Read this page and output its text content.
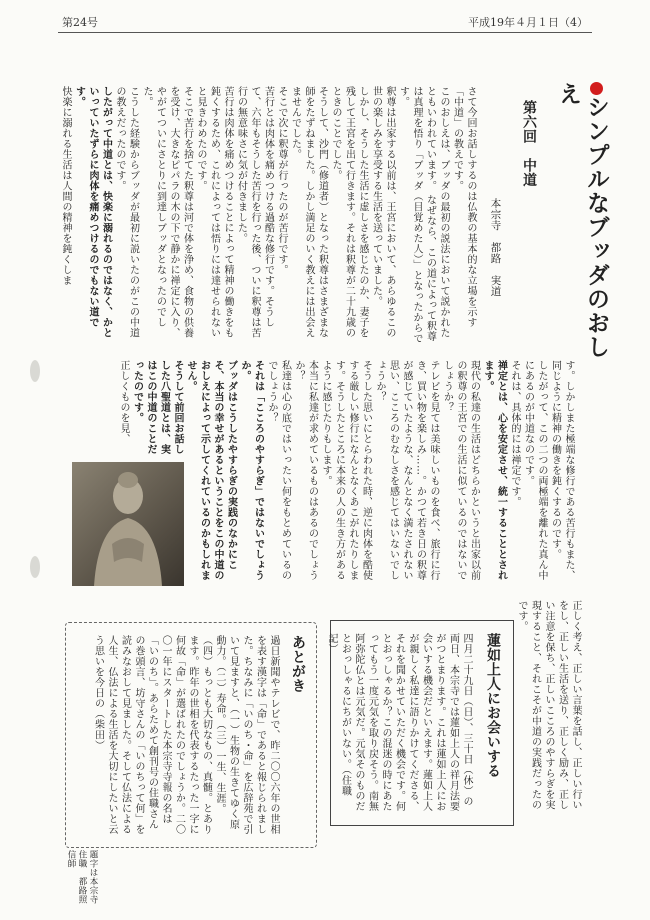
第24号	平成19年４月１日（4）
シンプルなブッダのおしえ
第六回　中道
本宗寺　都路　実道
さて今回お話しするのは仏教の基本的な立場を示す「中道」の教えです。
このおしえは、ブッダの最初の説法において説かれたともいわれています。 なぜなら、この道によって釈尊は真理を悟り「ブッダ（目覚めた人）」となったからです。
釈尊は出家する以前は、王宮において、あらゆるこの世の楽しみを享受する生活を送っていました。
しかし、そうした生活に虚しさを感じたのか、妻子を残して王宮を出て行きます。それは釈尊が二十九歳のときのことでした。
そうして、沙門（修道者）となった釈尊はさまざまな師をたずねました。しかし満足のいく教えには出会えませんでした。
そこで次に釈尊が行ったのが苦行です。
苦行とは肉体を痛めつける過酷な修行です。そうして、六年もそうした苦行を行った後、ついに釈尊は苦行の無意味さに気が付きました。
苦行は肉体を痛めつけることによって精神の働きをも鈍くするため、これによっては悟りには達せられないと見きわめたのです。
そこで苦行を捨てた釈尊は河で体を浄め、食物の供養を受け、大きなピパラの木の下で静かに禅定に入り、やがてついにさとりに到達しブッダとなったのでした。
こうした経験からブッダが最初に説いたのがこの中道の教えだったのです。
したがって中道とは、快楽に溺れるのではなく、かといっていたずらに肉体を痛めつけるのでもない道です。
快楽に溺れる生活は人間の精神を鈍くしま
す。しかしまた極端な修行である苦行もまた、同じように精神の働きを鈍くするのです。
したがって、この二つの両極端を離れた真ん中にあるのが中道なのです。
それは、具体的には禅定です。
禅定とは、心を安定させ、統一することとされます。
現代の私達の生活はどちらかというと出家以前の釈尊の王宮での生活に似ているのではないでしょうか？
テレビを見ては美味しいものを食べ、旅行に行き、買い物を楽しみ……。かつて若き日の釈尊が感じていたような、なんとなく満たされない思い、こころのむなしさを感じてはいないでしょうか？
そうした思いにとらわれた時、逆に肉体を酷使する厳しい修行になんとなくあこがれたりします。そうしたところに本来の人の生き方があるように感じたりもします。
本当に私達が求めているものはあるのでしょうか？
私達は心の底ではいったい何をもとめているのでしょうか？
それは「こころのやすらぎ」ではないでしょうか。
ブッダはこうしたやすらぎの実践のなかにこそ、本当の幸せがあるということをこの中道のおしえによって示してくれているのかもしれません。
そうして前回お話しした八聖道とは、実はこの中道のことだったのです。
正しくものを見、
正しく考え、正しい言葉を話し、正しい行いをし、正しい生活を送り、正しく励み、正しい注意を保ち、正しいこころのやすらぎを実現すること、それこそが中道の実践だったのです。
蓮如上人にお会いする
四月二十九日（日）、三十日（休）の両日、本宗寺では蓮如上人の祥月法要がつとまります。これは蓮如上人にお会いする機会だといえます。蓮如上人が親しく私達に語りかけてくださる、それを聞かせていただく機会です。何とおっしゃるか？この混迷の時にあたってもう一度元気を取り戻そう。南無阿弥陀仏とは元気だ。元気そのものだとおっしゃるにちがいない。（住職　記）
あとがき
過日新聞やテレビで、昨二〇〇六年の世相を表す漢字は「命」であると報じられました。ちなみに「いのち・命」を広辞苑で引いて見ますと、（一）生物の生きてゆく原動力。（二）寿命。（三）一生、生涯。（四）もっとも大切なもの、真髄。とあります。昨年の世相を代表するたった一字に何故「命」が選ばれたのでしょうか。二〇〇一年にスタートした本宗寺寺報の名は「いのち」。あらためて創刊号の住職さんの巻頭言、坊守さんの「いのちって何」を読みなおして見ました。そして仏法による人生、仏法による生活を大切にしたいと云う思いを今日の（柴田）
題字は本宗寺住職　都路照信師
